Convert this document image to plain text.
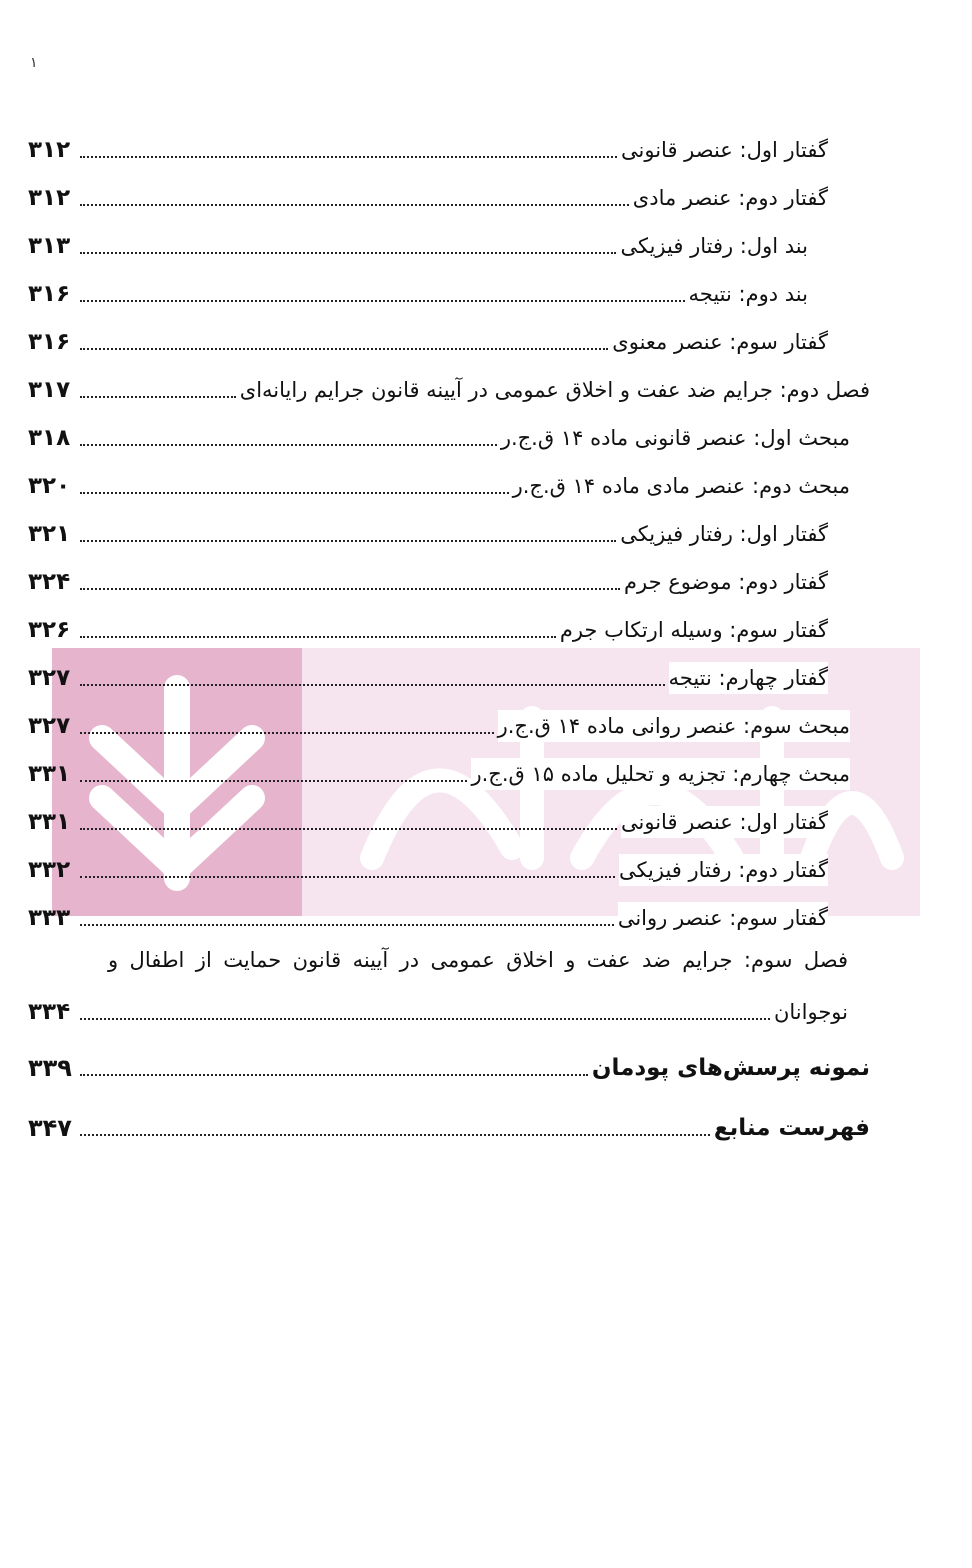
۱
گفتار اول: عنصر قانونی
۳۱۲
گفتار دوم: عنصر مادی
۳۱۲
بند اول: رفتار فیزیکی
۳۱۳
بند دوم: نتیجه
۳۱۶
گفتار سوم: عنصر معنوی
۳۱۶
فصل دوم: جرایم ضد عفت و اخلاق عمومی در آیینه قانون جرایم رایانه‌ای
۳۱۷
مبحث اول: عنصر قانونی ماده ۱۴ ق.ج.ر
۳۱۸
مبحث دوم: عنصر مادی ماده ۱۴ ق.ج.ر
۳۲۰
گفتار اول: رفتار فیزیکی
۳۲۱
گفتار دوم: موضوع جرم
۳۲۴
گفتار سوم: وسیله ارتکاب جرم
۳۲۶
گفتار چهارم: نتیجه
۳۲۷
مبحث سوم: عنصر روانی ماده ۱۴ ق.ج.ر
۳۲۷
مبحث چهارم: تجزیه و تحلیل ماده ۱۵ ق.ج.ر
۳۳۱
گفتار اول: عنصر قانونی
۳۳۱
گفتار دوم: رفتار فیزیکی
۳۳۲
گفتار سوم: عنصر روانی
۳۳۳
فصل سوم: جرایم ضد عفت و اخلاق عمومی در آیینه قانون حمایت از اطفال و
نوجوانان
۳۳۴
نمونه پرسش‌های پودمان
۳۳۹
فهرست منابع
۳۴۷
